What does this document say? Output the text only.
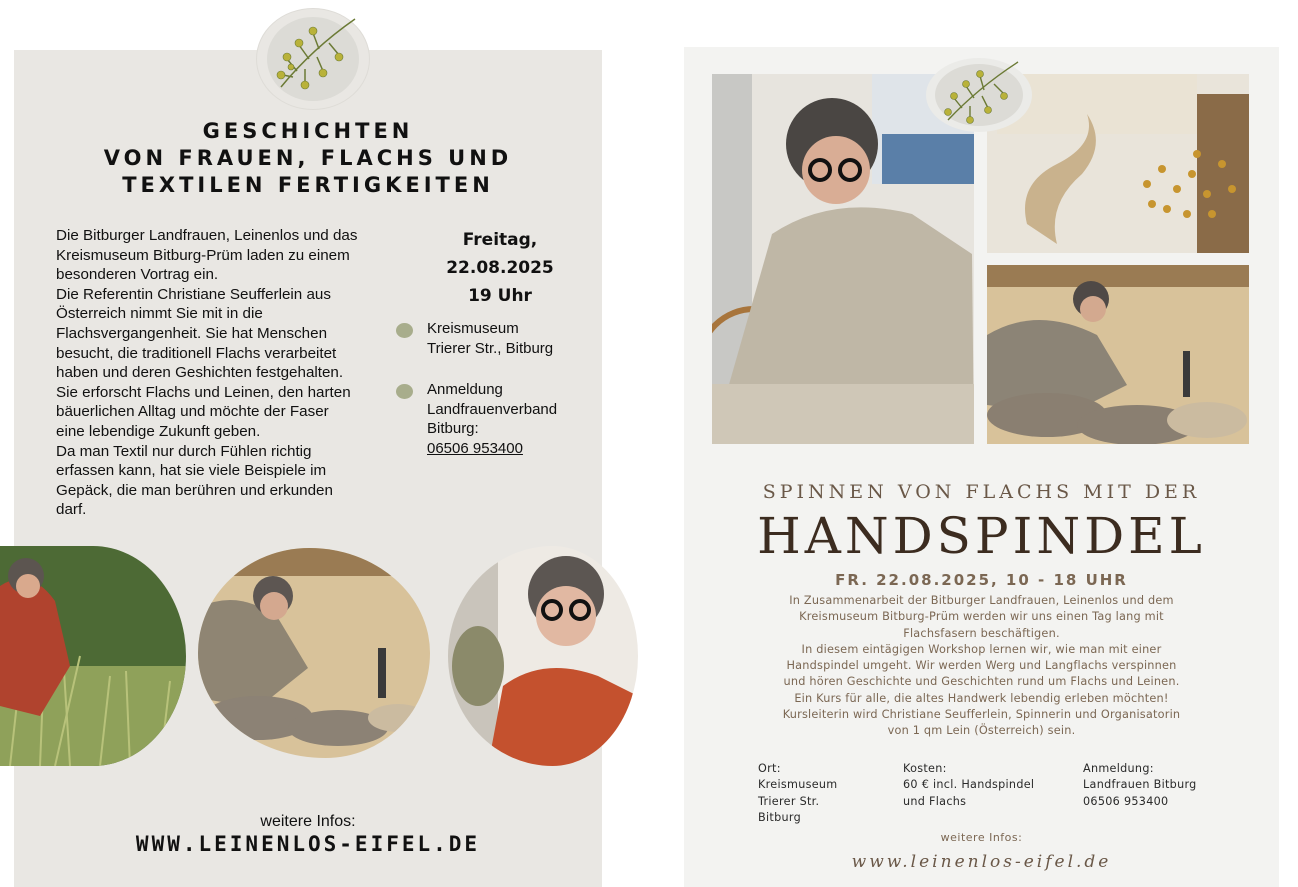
GESCHICHTEN
VON FRAUEN, FLACHS UND
TEXTILEN FERTIGKEITEN
Die Bitburger Landfrauen, Leinenlos und das
Kreismuseum Bitburg-Prüm laden zu einem
besonderen Vortrag ein.
Die Referentin Christiane Seufferlein aus
Österreich nimmt Sie mit in die
Flachsvergangenheit. Sie hat Menschen
besucht, die traditionell Flachs verarbeitet
haben und deren Geshichten festgehalten.
Sie erforscht Flachs und Leinen, den harten
bäuerlichen Alltag und möchte der Faser
eine lebendige Zukunft geben.
Da man Textil nur durch Fühlen richtig
erfassen kann, hat sie viele Beispiele im
Gepäck, die man berühren und erkunden
darf.
Freitag,
22.08.2025
19 Uhr
Kreismuseum
Trierer Str., Bitburg
Anmeldung
Landfrauenverband
Bitburg:
06506 953400
weitere Infos:
WWW.LEINENLOS-EIFEL.DE
SPINNEN VON FLACHS MIT DER
HANDSPINDEL
FR. 22.08.2025, 10 - 18 UHR
In Zusammenarbeit der Bitburger Landfrauen, Leinenlos und dem
Kreismuseum Bitburg-Prüm werden wir uns einen Tag lang mit
Flachsfasern beschäftigen.
In diesem eintägigen Workshop lernen wir, wie man mit einer
Handspindel umgeht. Wir werden Werg und Langflachs verspinnen
und hören Geschichte und Geschichten rund um Flachs und Leinen.
Ein Kurs für alle, die altes Handwerk lebendig erleben möchten!
Kursleiterin wird Christiane Seufferlein, Spinnerin und Organisatorin
von 1 qm Lein (Österreich) sein.
Ort:
Kreismuseum
Trierer Str.
Bitburg
Kosten:
60 € incl. Handspindel
und Flachs
Anmeldung:
Landfrauen Bitburg
06506 953400
weitere Infos:
www.leinenlos-eifel.de
